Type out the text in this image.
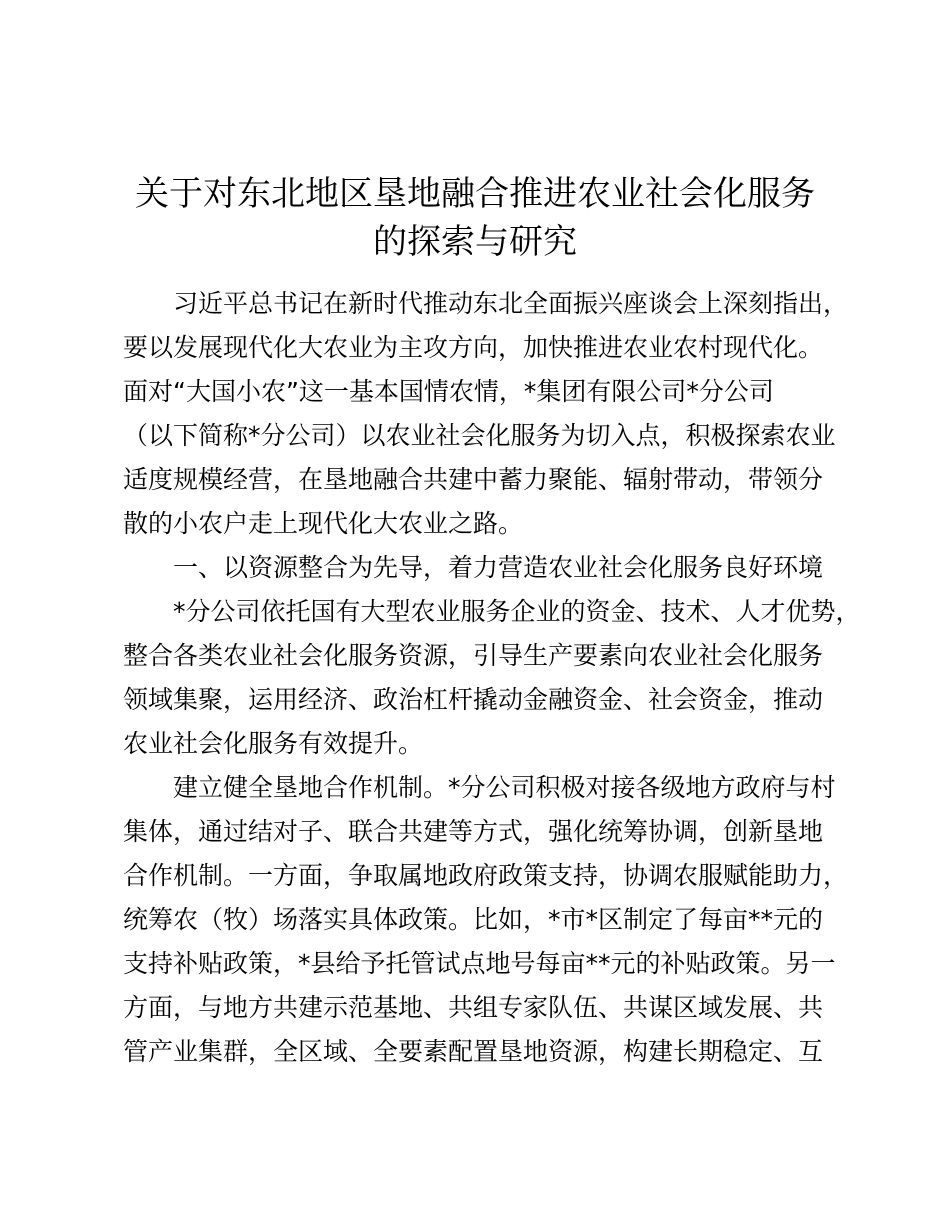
关于对东北地区垦地融合推进农业社会化服务
的探索与研究

习近平总书记在新时代推动东北全面振兴座谈会上深刻指出，

要以发展现代化大农业为主攻方向，加快推进农业农村现代化。

面对“大国小农”这一基本国情农情，*集团有限公司*分公司

（以下简称*分公司）以农业社会化服务为切入点，积极探索农业

适度规模经营，在垦地融合共建中蓄力聚能、辐射带动，带领分

散的小农户走上现代化大农业之路。

一、以资源整合为先导，着力营造农业社会化服务良好环境

*分公司依托国有大型农业服务企业的资金、技术、人才优势，

整合各类农业社会化服务资源，引导生产要素向农业社会化服务

领域集聚，运用经济、政治杠杆撬动金融资金、社会资金，推动

农业社会化服务有效提升。

建立健全垦地合作机制。*分公司积极对接各级地方政府与村

集体，通过结对子、联合共建等方式，强化统筹协调，创新垦地

合作机制。一方面，争取属地政府政策支持，协调农服赋能助力，

统筹农（牧）场落实具体政策。比如，*市*区制定了每亩**元的

支持补贴政策，*县给予托管试点地号每亩**元的补贴政策。另一

方面，与地方共建示范基地、共组专家队伍、共谋区域发展、共

管产业集群，全区域、全要素配置垦地资源，构建长期稳定、互
